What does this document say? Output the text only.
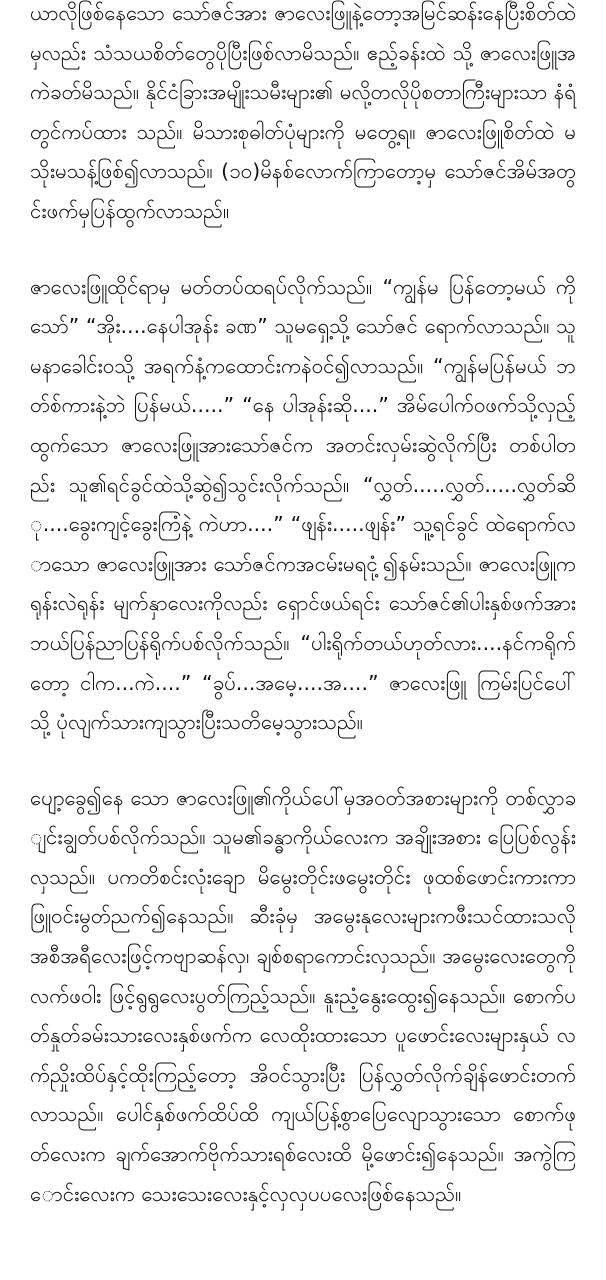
ယာလိုဖြစ်နေသော သော်ဇင်အား ဇာလေးဖြူနဲ့တော့အမြင်ဆန်းနေပြီးစိတ်ထဲမှလည်း သံသယစိတ်တွေပိုပြီးဖြစ်လာမိသည်။ ဧည့်ခန်းထဲ သို့ ဇာလေးဖြူအကဲခတ်မိသည်။ နိုင်ငံခြားအမျိုးသမီးများ၏ မလို့တလိုပိုစတာကြီးများသာ နံရံတွင်ကပ်ထား သည်။ မိသားစုဓါတ်ပုံများကို မတွေ့ရ။ ဇာလေးဖြူစိတ်ထဲ မသိုးမသန့်ဖြစ်၍လာသည်။ (၁၀)မိနစ်လောက်ကြာတော့မှ သော်ဇင်အိမ်အတွင်းဖက်မှပြန်ထွက်လာသည်။

ဇာလေးဖြူထိုင်ရာမှ မတ်တပ်ထရပ်လိုက်သည်။ “ကျွန်မ ပြန်တော့မယ် ကိုသော်” “အိုး....နေပါအုန်း ခဏ” သူမရှေ့သို့ သော်ဇင် ရောက်လာသည်။ သူမနာခေါင်းဝသို့ အရက်နံ့ကထောင်းကနဲဝင်၍လာသည်။ “ကျွန်မပြန်မယ် ဘတ်စ်ကားနဲ့ဘဲ ပြန်မယ်.....” “နေ ပါအုန်းဆို....” အိမ်ပေါက်ဝဖက်သို့လှည့်ထွက်သော ဇာလေးဖြူအားသော်ဇင်က အတင်းလှမ်းဆွဲလိုက်ပြီး တစ်ပါတည်း သူ၏ရင်ခွင်ထဲသို့ဆွဲ၍သွင်းလိုက်သည်။ “လွှတ်.....လွှတ်.....လွှတ်ဆို....ခွေးကျင့်ခွေးကြံနဲ့ ကဲဟာ....” “ဖျန်း.....ဖျန်း” သူ့ရင်ခွင် ထဲရောက်လာသော ဇာလေးဖြူအား သော်ဇင်ကအငမ်းမရငုံ့၍နမ်းသည်။ ဇာလေးဖြူက ရုန်းလဲရုန်း မျက်နှာလေးကိုလည်း ရှောင်ဖယ်ရင်း သော်ဇင်၏ပါးနှစ်ဖက်အား ဘယ်ပြန်ညာပြန်ရိုက်ပစ်လိုက်သည်။ “ပါးရိုက်တယ်ဟုတ်လား....နင်ကရိုက်တော့ ငါက...ကဲ....” “ခွပ်...အမေ့....အ....” ဇာလေးဖြူ ကြမ်းပြင်ပေါ်သို့ ပုံလျက်သားကျသွားပြီးသတိမေ့သွားသည်။

ပျော့ခွေ၍နေ သော ဇာလေးဖြူ၏ကိုယ်ပေါ်မှအဝတ်အစားများကို တစ်လွှာချင်းချွတ်ပစ်လိုက်သည်။ သူမ၏ခန္ဓာကိုယ်လေးက အချိုးအစား ပြေပြစ်လွန်းလှသည်။ ပကတိစင်းလုံးချော မိမွေးတိုင်းဖမွေးတိုင်း ဖုထစ်ဖောင်းကားကာ ဖြူဝင်းမွတ်ညက်၍နေသည်။ ဆီးခုံမှ အမွေးနုလေးများကဖီးသင်ထားသလို အစီအရီလေးဖြင့်ကဗျာဆန်လှ၊ ချစ်စရာကောင်းလှသည်။ အမွေးလေးတွေကို လက်ဖဝါး ဖြင့်ရွရွလေးပွတ်ကြည့်သည်။ နူးညံ့နွေးထွေး၍နေသည်။ စောက်ပတ်နှုတ်ခမ်းသားလေးနှစ်ဖက်က လေထိုးထားသော ပူဖောင်းလေးများနှယ် လက်ညှိုးထိပ်နှင့်ထိုးကြည့်တော့ အိဝင်သွားပြီး ပြန်လွှတ်လိုက်ချိန်ဖောင်းတက်လာသည်။ ပေါင်နှစ်ဖက်ထိပ်ထိ ကျယ်ပြန့်စွာပြေလျောသွားသော စောက်ဖုတ်လေးက ချက်အောက်ဗိုက်သားရစ်လေးထိ မို့ဖောင်း၍နေသည်။ အကွဲကြောင်းလေးက သေးသေးလေးနှင့်လှလှပပလေးဖြစ်နေသည်။
